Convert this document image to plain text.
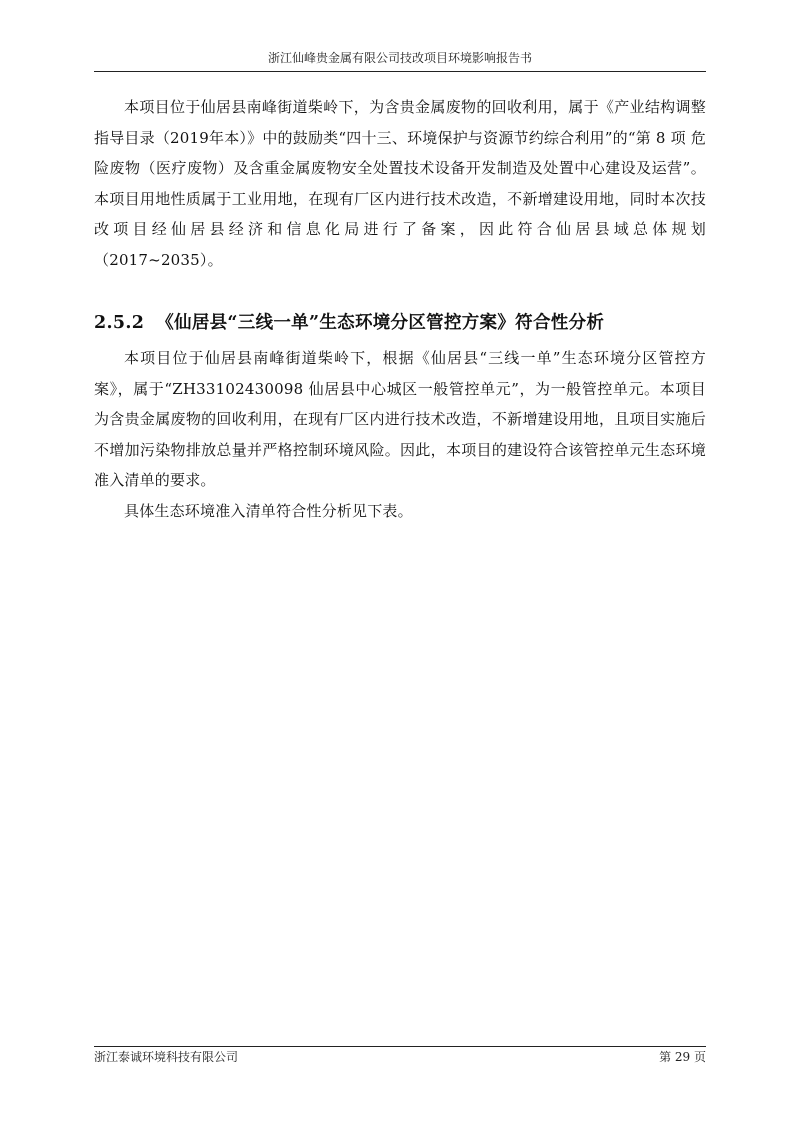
浙江仙峰贵金属有限公司技改项目环境影响报告书

本项目位于仙居县南峰街道柴岭下，为含贵金属废物的回收利用，属于《产业结构调整指导目录（2019年本）》中的鼓励类“四十三、环境保护与资源节约综合利用”的“第 8 项 危险废物（医疗废物）及含重金属废物安全处置技术设备开发制造及处置中心建设及运营”。本项目用地性质属于工业用地，在现有厂区内进行技术改造，不新增建设用地，同时本次技改项目经仙居县经济和信息化局进行了备案，因此符合仙居县域总体规划（2017~2035）。

2.5.2 《仙居县“三线一单”生态环境分区管控方案》符合性分析

本项目位于仙居县南峰街道柴岭下，根据《仙居县“三线一单”生态环境分区管控方案》，属于“ZH33102430098 仙居县中心城区一般管控单元”，为一般管控单元。本项目为含贵金属废物的回收利用，在现有厂区内进行技术改造，不新增建设用地，且项目实施后不增加污染物排放总量并严格控制环境风险。因此，本项目的建设符合该管控单元生态环境准入清单的要求。

具体生态环境准入清单符合性分析见下表。

浙江泰诚环境科技有限公司	第 29 页
